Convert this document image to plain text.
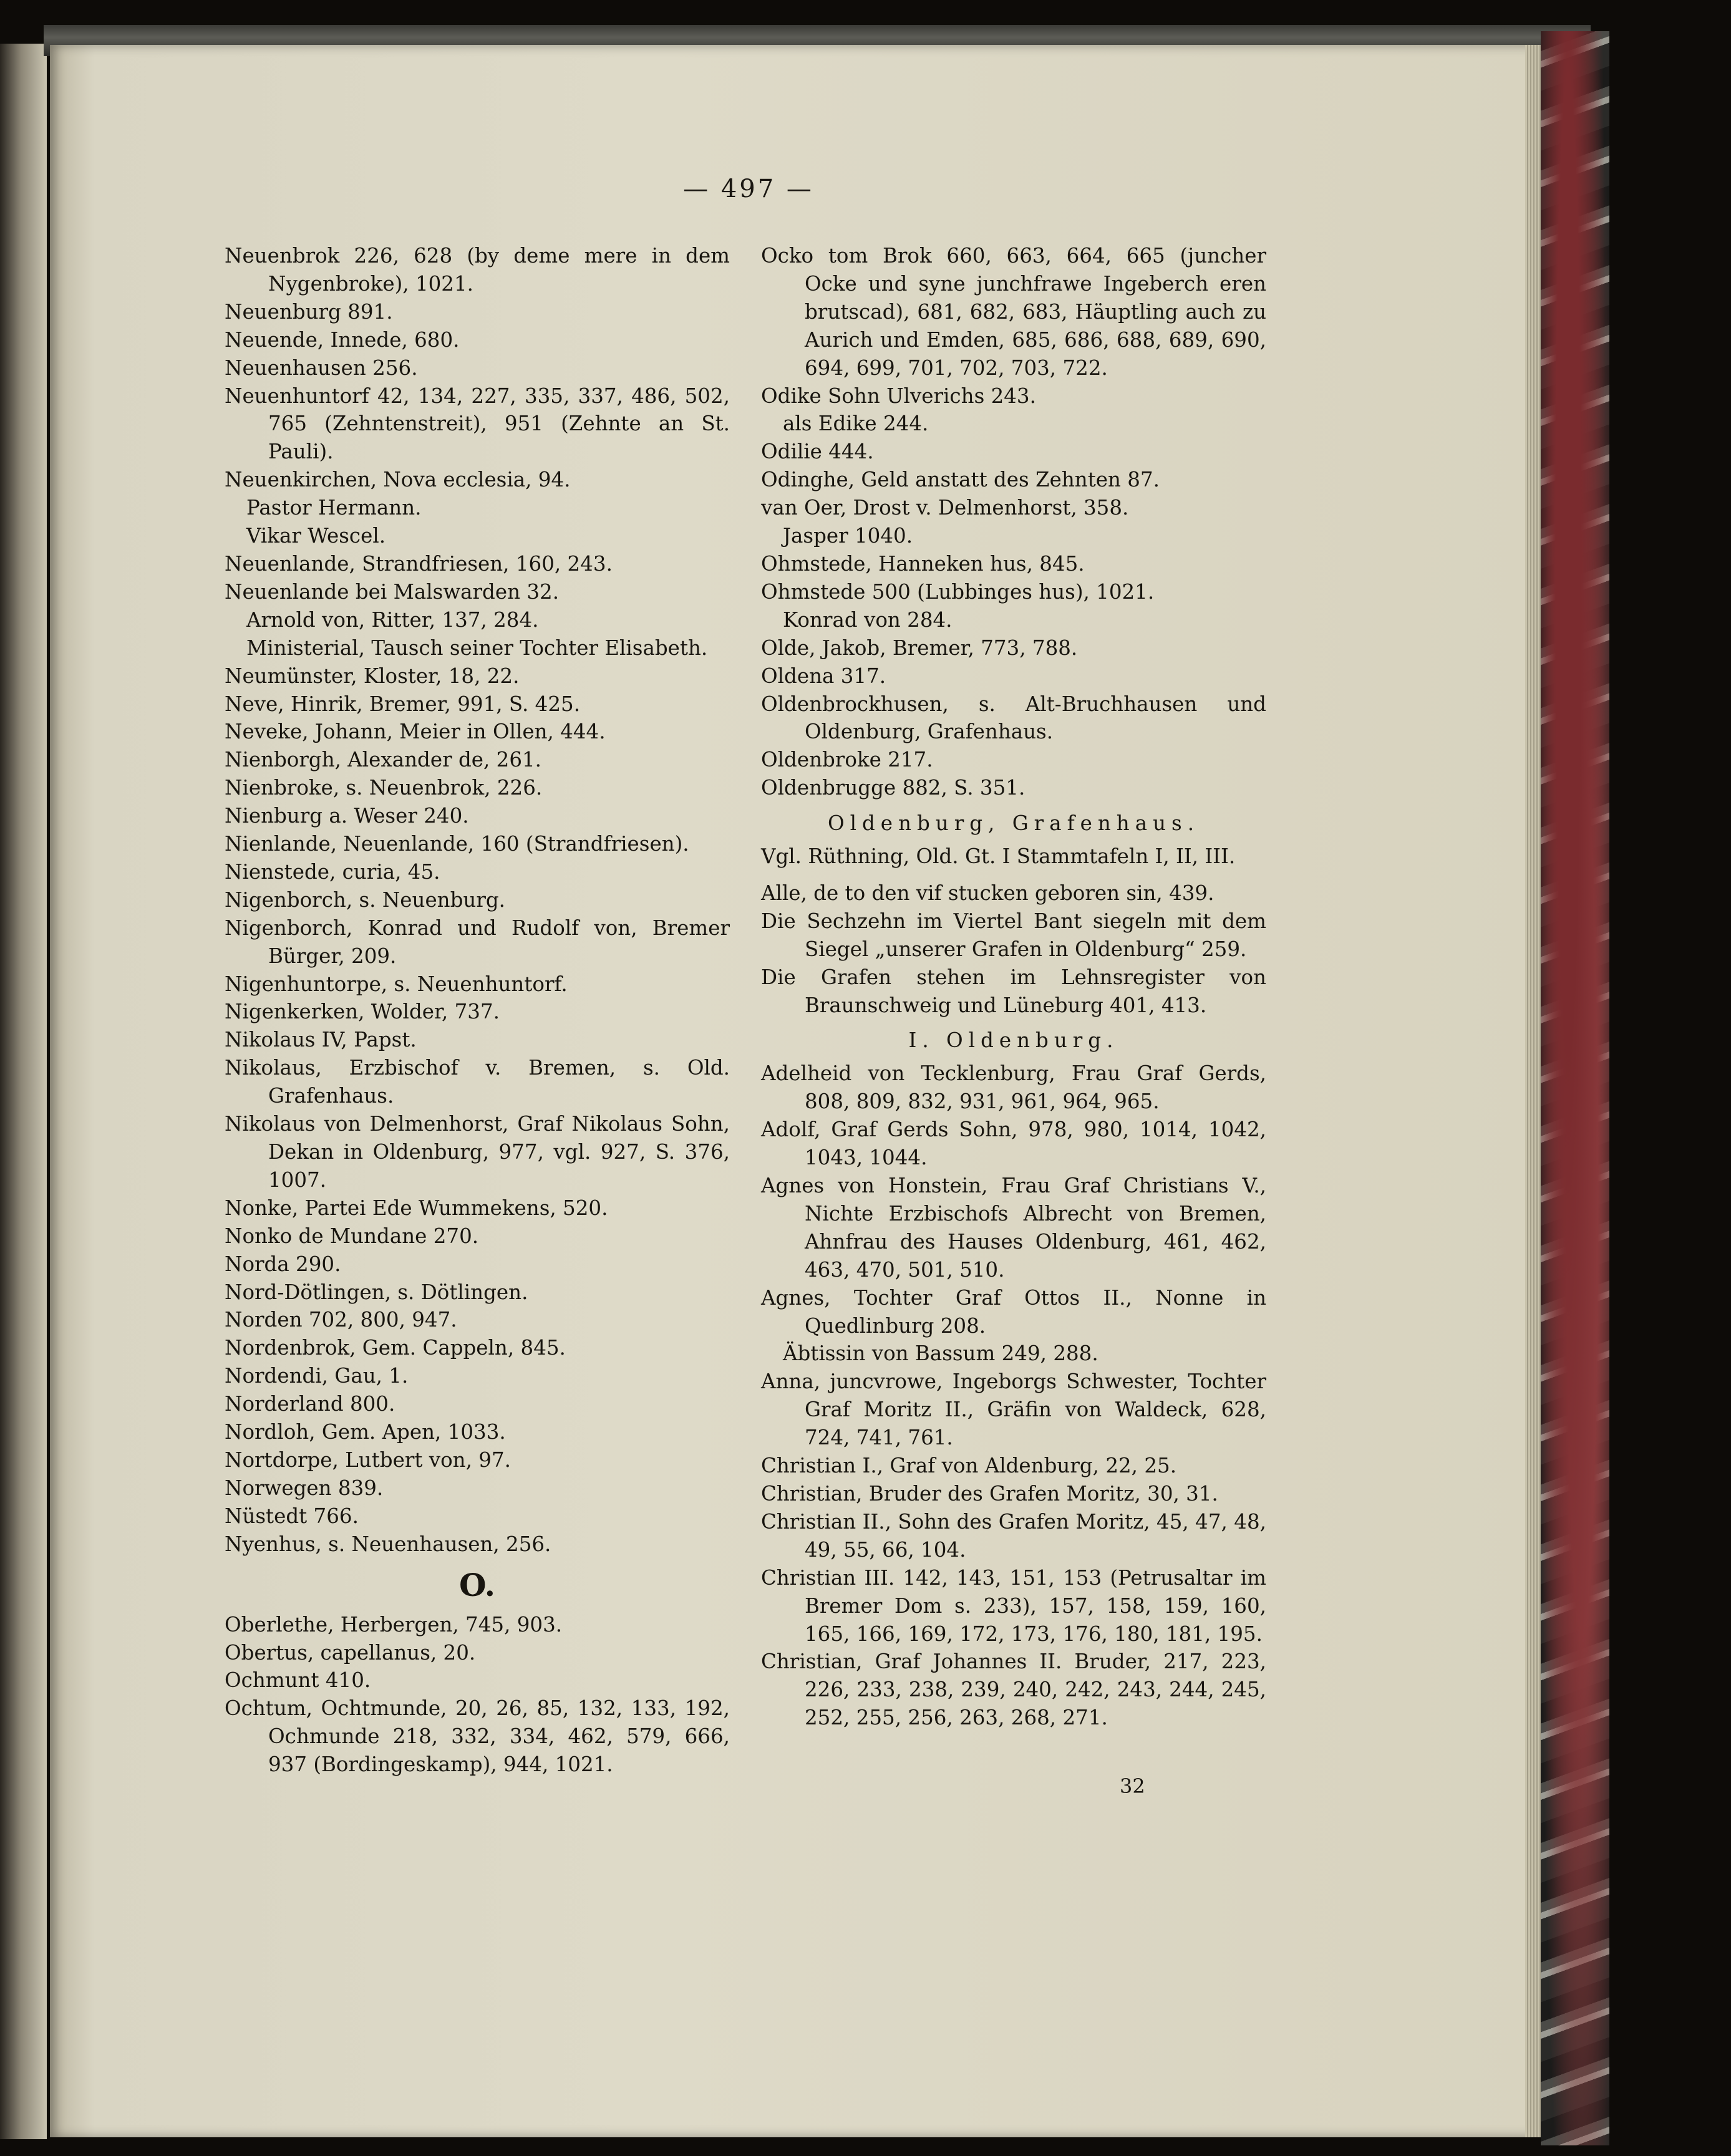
— 497 —
Neuenbrok 226, 628 (by deme mere in dem Nygenbroke), 1021.
Neuenburg 891.
Neuende, Innede, 680.
Neuenhausen 256.
Neuenhuntorf 42, 134, 227, 335, 337, 486, 502, 765 (Zehntenstreit), 951 (Zehnte an St. Pauli).
Neuenkirchen, Nova ecclesia, 94.
Pastor Hermann.
Vikar Wescel.
Neuenlande, Strandfriesen, 160, 243.
Neuenlande bei Malswarden 32.
Arnold von, Ritter, 137, 284.
Ministerial, Tausch seiner Tochter Elisabeth.
Neumünster, Kloster, 18, 22.
Neve, Hinrik, Bremer, 991, S. 425.
Neveke, Johann, Meier in Ollen, 444.
Nienborgh, Alexander de, 261.
Nienbroke, s. Neuenbrok, 226.
Nienburg a. Weser 240.
Nienlande, Neuenlande, 160 (Strandfriesen).
Nienstede, curia, 45.
Nigenborch, s. Neuenburg.
Nigenborch, Konrad und Rudolf von, Bremer Bürger, 209.
Nigenhuntorpe, s. Neuenhuntorf.
Nigenkerken, Wolder, 737.
Nikolaus IV, Papst.
Nikolaus, Erzbischof v. Bremen, s. Old. Grafenhaus.
Nikolaus von Delmenhorst, Graf Nikolaus Sohn, Dekan in Oldenburg, 977, vgl. 927, S. 376, 1007.
Nonke, Partei Ede Wummekens, 520.
Nonko de Mundane 270.
Norda 290.
Nord-Dötlingen, s. Dötlingen.
Norden 702, 800, 947.
Nordenbrok, Gem. Cappeln, 845.
Nordendi, Gau, 1.
Norderland 800.
Nordloh, Gem. Apen, 1033.
Nortdorpe, Lutbert von, 97.
Norwegen 839.
Nüstedt 766.
Nyenhus, s. Neuenhausen, 256.
O.
Oberlethe, Herbergen, 745, 903.
Obertus, capellanus, 20.
Ochmunt 410.
Ochtum, Ochtmunde, 20, 26, 85, 132, 133, 192, Ochmunde 218, 332, 334, 462, 579, 666, 937 (Bordingeskamp), 944, 1021.
Ocko tom Brok 660, 663, 664, 665 (juncher Ocke und syne junchfrawe Ingeberch eren brutscad), 681, 682, 683, Häuptling auch zu Aurich und Emden, 685, 686, 688, 689, 690, 694, 699, 701, 702, 703, 722.
Odike Sohn Ulverichs 243.
als Edike 244.
Odilie 444.
Odinghe, Geld anstatt des Zehnten 87.
van Oer, Drost v. Delmenhorst, 358.
Jasper 1040.
Ohmstede, Hanneken hus, 845.
Ohmstede 500 (Lubbinges hus), 1021.
Konrad von 284.
Olde, Jakob, Bremer, 773, 788.
Oldena 317.
Oldenbrockhusen, s. Alt-Bruchhausen und Oldenburg, Grafenhaus.
Oldenbroke 217.
Oldenbrugge 882, S. 351.
Oldenburg, Grafenhaus.
Vgl. Rüthning, Old. Gt. I Stammtafeln I, II, III.
Alle, de to den vif stucken geboren sin, 439.
Die Sechzehn im Viertel Bant siegeln mit dem Siegel „unserer Grafen in Oldenburg“ 259.
Die Grafen stehen im Lehnsregister von Braunschweig und Lüneburg 401, 413.
I. Oldenburg.
Adelheid von Tecklenburg, Frau Graf Gerds, 808, 809, 832, 931, 961, 964, 965.
Adolf, Graf Gerds Sohn, 978, 980, 1014, 1042, 1043, 1044.
Agnes von Honstein, Frau Graf Christians V., Nichte Erzbischofs Albrecht von Bremen, Ahnfrau des Hauses Oldenburg, 461, 462, 463, 470, 501, 510.
Agnes, Tochter Graf Ottos II., Nonne in Quedlinburg 208.
Äbtissin von Bassum 249, 288.
Anna, juncvrowe, Ingeborgs Schwester, Tochter Graf Moritz II., Gräfin von Waldeck, 628, 724, 741, 761.
Christian I., Graf von Aldenburg, 22, 25.
Christian, Bruder des Grafen Moritz, 30, 31.
Christian II., Sohn des Grafen Moritz, 45, 47, 48, 49, 55, 66, 104.
Christian III. 142, 143, 151, 153 (Petrusaltar im Bremer Dom s. 233), 157, 158, 159, 160, 165, 166, 169, 172, 173, 176, 180, 181, 195.
Christian, Graf Johannes II. Bruder, 217, 223, 226, 233, 238, 239, 240, 242, 243, 244, 245, 252, 255, 256, 263, 268, 271.
32
